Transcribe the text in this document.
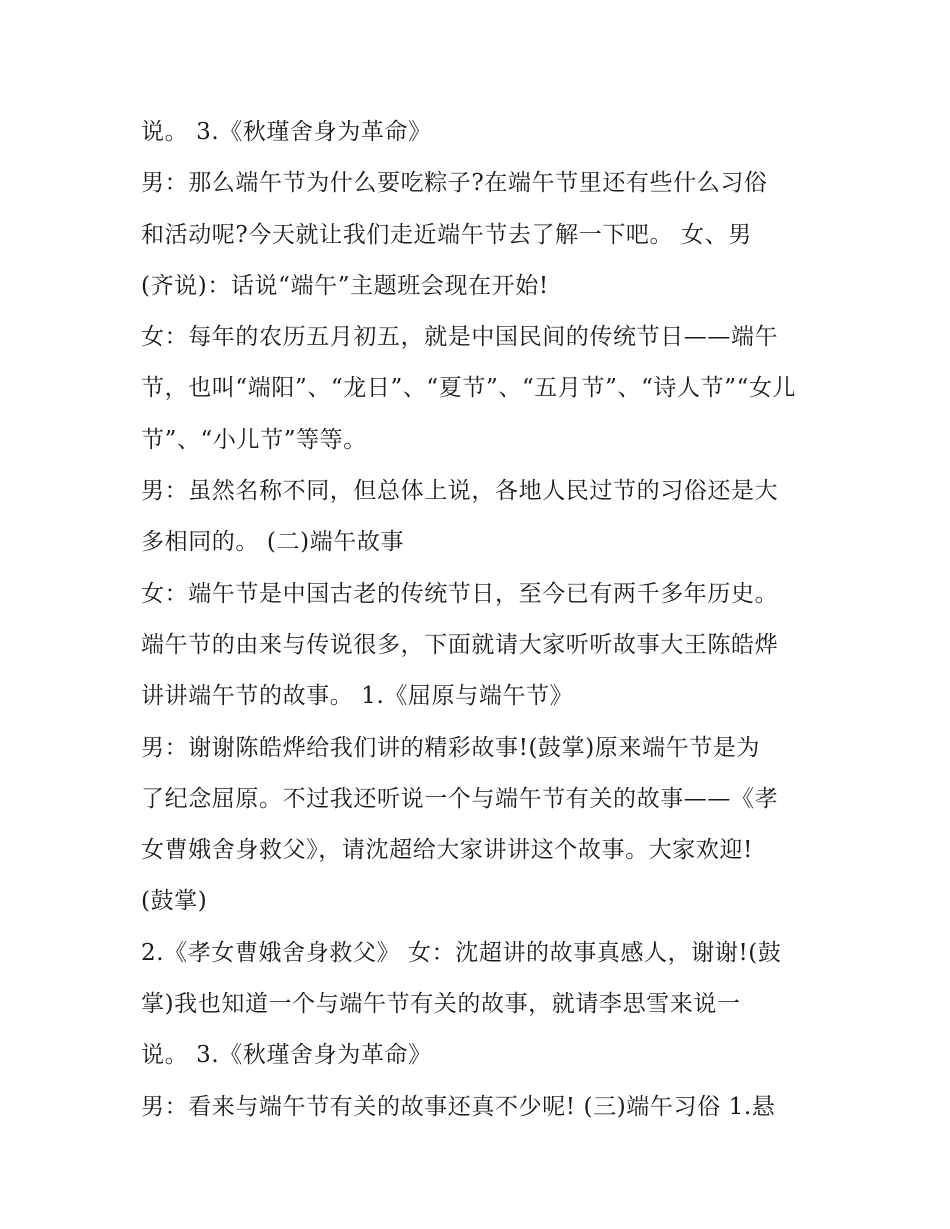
说。 3.《秋瑾舍身为革命》
男：那么端午节为什么要吃粽子?在端午节里还有些什么习俗
和活动呢?今天就让我们走近端午节去了解一下吧。 女、男
(齐说)：话说“端午”主题班会现在开始!
女：每年的农历五月初五，就是中国民间的传统节日——端午
节，也叫“端阳”、“龙日”、“夏节”、“五月节”、“诗人节”“女儿
节”、“小儿节”等等。
男：虽然名称不同，但总体上说，各地人民过节的习俗还是大
多相同的。 (二)端午故事
女：端午节是中国古老的传统节日，至今已有两千多年历史。
端午节的由来与传说很多，下面就请大家听听故事大王陈皓烨
讲讲端午节的故事。 1.《屈原与端午节》
男：谢谢陈皓烨给我们讲的精彩故事!(鼓掌)原来端午节是为
了纪念屈原。不过我还听说一个与端午节有关的故事——《孝
女曹娥舍身救父》，请沈超给大家讲讲这个故事。大家欢迎!
(鼓掌)
2.《孝女曹娥舍身救父》 女：沈超讲的故事真感人，谢谢!(鼓
掌)我也知道一个与端午节有关的故事，就请李思雪来说一
说。 3.《秋瑾舍身为革命》
男：看来与端午节有关的故事还真不少呢! (三)端午习俗 1.悬
